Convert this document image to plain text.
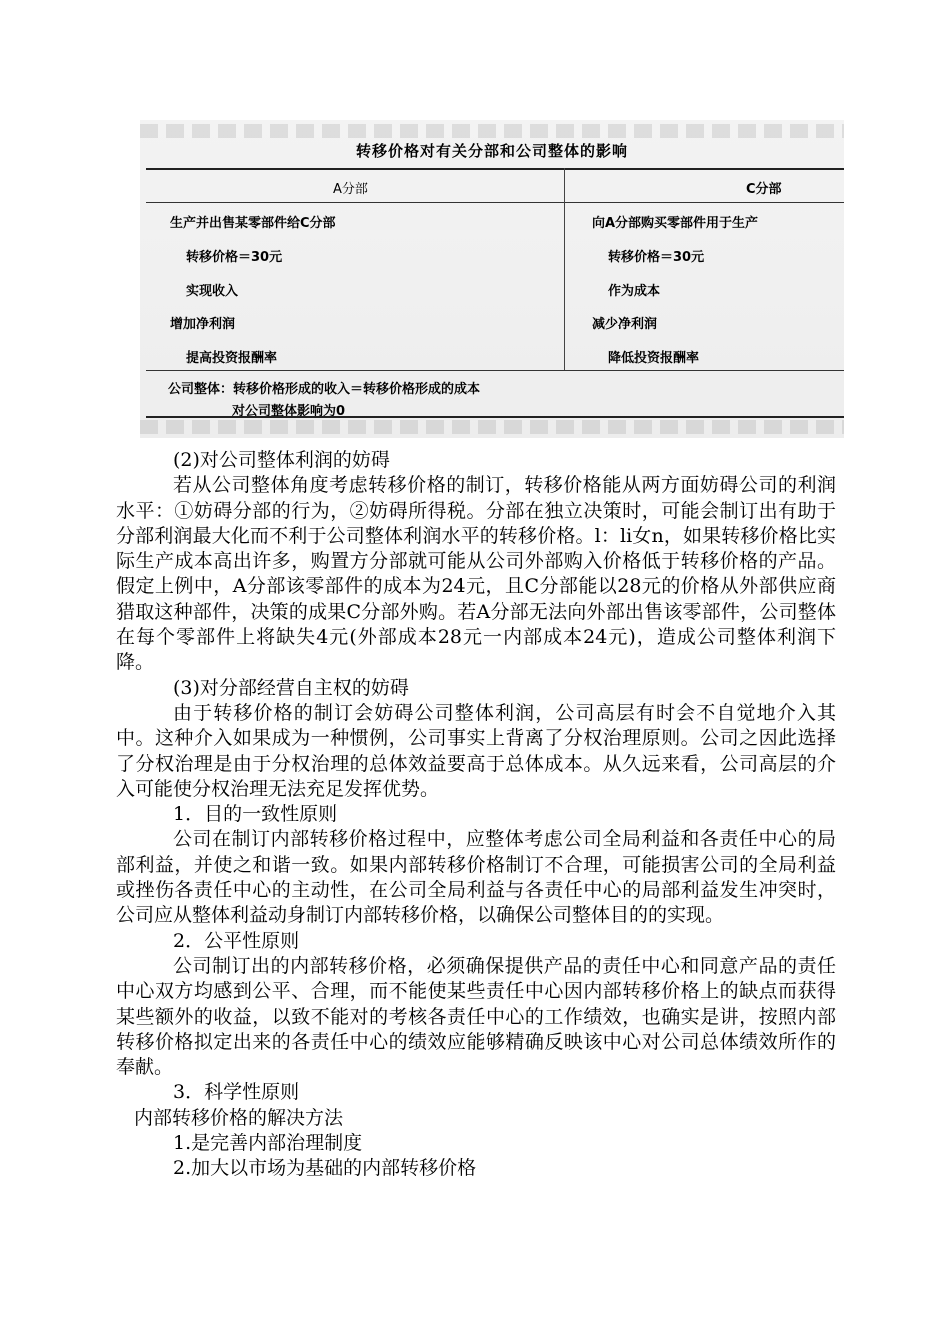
转移价格对有关分部和公司整体的影响
A分部	C分部
生产并出售某零部件给C分部
转移价格＝30元
实现收入
增加净利润
提高投资报酬率
向A分部购买零部件用于生产
转移价格＝30元
作为成本
减少净利润
降低投资报酬率
公司整体：转移价格形成的收入＝转移价格形成的成本
对公司整体影响为0

(2)对公司整体利润的妨碍

若从公司整体角度考虑转移价格的制订，转移价格能从两方面妨碍公司的利润水平：①妨碍分部的行为，②妨碍所得税。分部在独立决策时，可能会制订出有助于分部利润最大化而不利于公司整体利润水平的转移价格。l：li女n，如果转移价格比实际生产成本高出许多，购置方分部就可能从公司外部购入价格低于转移价格的产品。假定上例中，A分部该零部件的成本为24元，且C分部能以28元的价格从外部供应商猎取这种部件，决策的成果C分部外购。若A分部无法向外部出售该零部件，公司整体在每个零部件上将缺失4元(外部成本28元一内部成本24元)，造成公司整体利润下降。

(3)对分部经营自主权的妨碍

由于转移价格的制订会妨碍公司整体利润，公司高层有时会不自觉地介入其中。这种介入如果成为一种惯例，公司事实上背离了分权治理原则。公司之因此选择了分权治理是由于分权治理的总体效益要高于总体成本。从久远来看，公司高层的介入可能使分权治理无法充足发挥优势。

1．目的一致性原则

公司在制订内部转移价格过程中，应整体考虑公司全局利益和各责任中心的局部利益，并使之和谐一致。如果内部转移价格制订不合理，可能损害公司的全局利益或挫伤各责任中心的主动性，在公司全局利益与各责任中心的局部利益发生冲突时，公司应从整体利益动身制订内部转移价格，以确保公司整体目的的实现。

2．公平性原则

公司制订出的内部转移价格，必须确保提供产品的责任中心和同意产品的责任中心双方均感到公平、合理，而不能使某些责任中心因内部转移价格上的缺点而获得某些额外的收益，以致不能对的考核各责任中心的工作绩效，也确实是讲，按照内部转移价格拟定出来的各责任中心的绩效应能够精确反映该中心对公司总体绩效所作的奉献。

3．科学性原则

内部转移价格的解决方法

1.是完善内部治理制度

2.加大以市场为基础的内部转移价格
